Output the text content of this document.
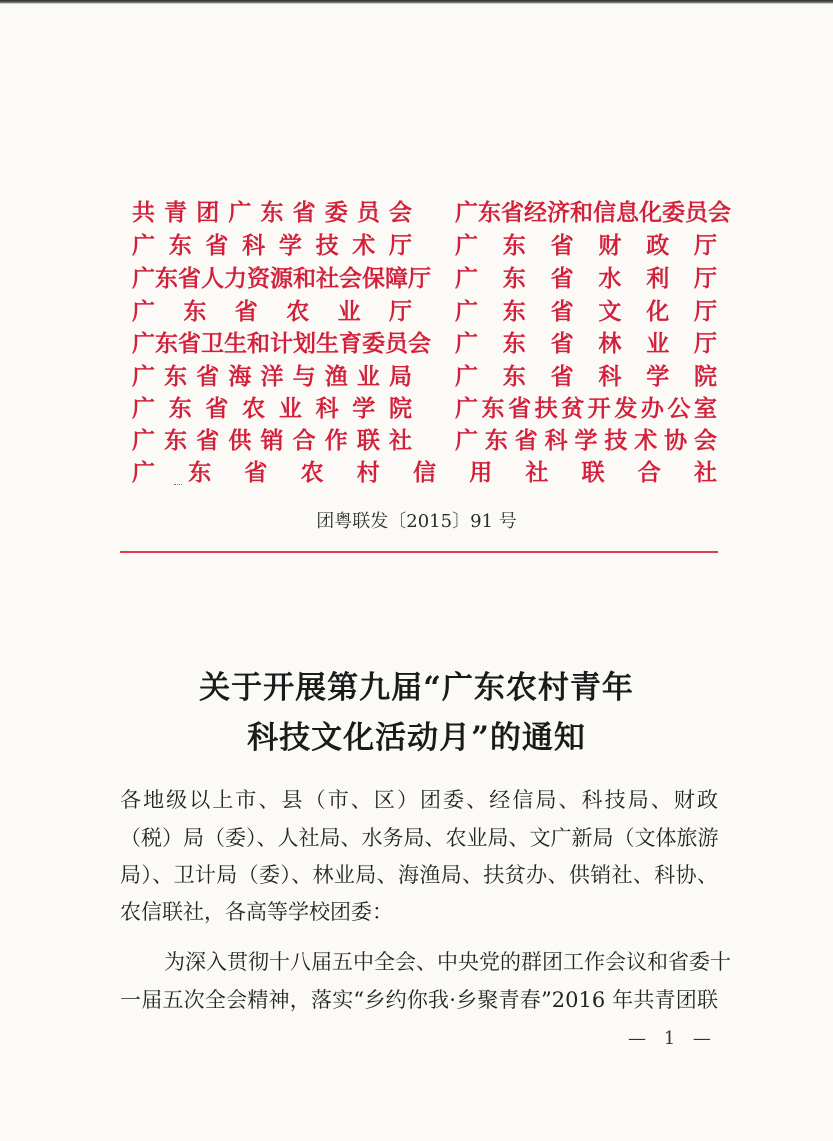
共青团广东省委员会 广东省经济和信息化委员会
广东省科学技术厅 广东省财政厅
广东省人力资源和社会保障厅 广东省水利厅
广东省农业厅 广东省文化厅
广东省卫生和计划生育委员会 广东省林业厅
广东省海洋与渔业局 广东省科学院
广东省农业科学院 广东省扶贫开发办公室
广东省供销合作联社 广东省科学技术协会
广东省农村信用社联合社
团粤联发〔2015〕91 号
关于开展第九届“广东农村青年
科技文化活动月”的通知
各地级以上市、县（市、区）团委、经信局、科技局、财政
（税）局（委）、人社局、水务局、农业局、文广新局（文体旅游
局）、卫计局（委）、林业局、海渔局、扶贫办、供销社、科协、
农信联社，各高等学校团委：
为深入贯彻十八届五中全会、中央党的群团工作会议和省委十
一届五次全会精神，落实“乡约你我·乡聚青春”2016 年共青团联
— 1 —
